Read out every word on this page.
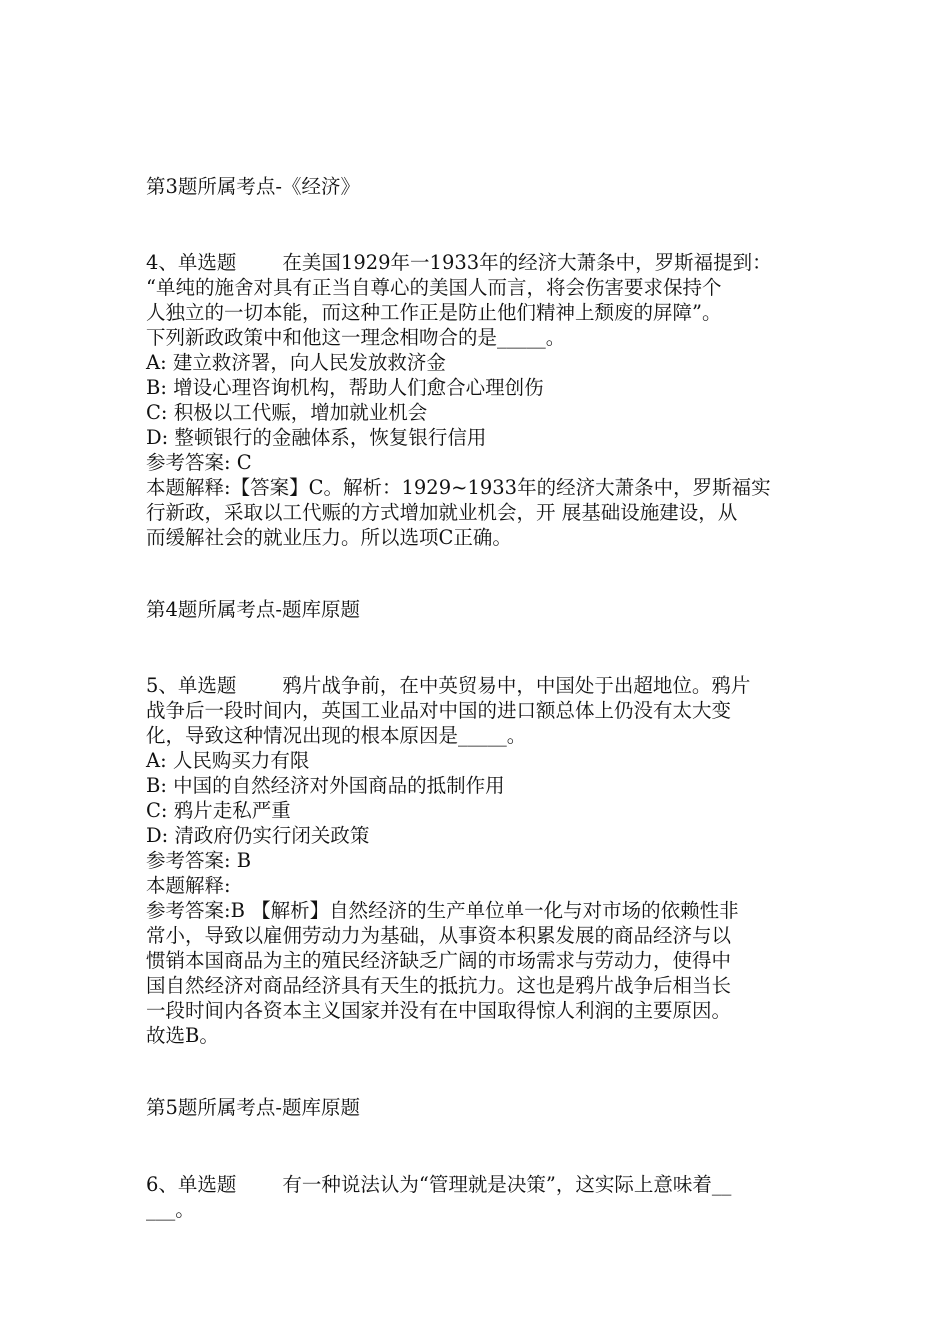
第3题所属考点-《经济》
4、单选题 在美国1929年一1933年的经济大萧条中，罗斯福提到：
“单纯的施舍对具有正当自尊心的美国人而言，将会伤害要求保持个
人独立的一切本能，而这种工作正是防止他们精神上颓废的屏障”。
下列新政政策中和他这一理念相吻合的是_____。
A: 建立救济署，向人民发放救济金
B: 增设心理咨询机构，帮助人们愈合心理创伤
C: 积极以工代赈，增加就业机会
D: 整顿银行的金融体系，恢复银行信用
参考答案: C
本题解释:【答案】C。解析：1929~1933年的经济大萧条中，罗斯福实
行新政，采取以工代赈的方式增加就业机会，开 展基础设施建设，从
而缓解社会的就业压力。所以选项C正确。
第4题所属考点-题库原题
5、单选题 鸦片战争前，在中英贸易中，中国处于出超地位。鸦片
战争后一段时间内，英国工业品对中国的进口额总体上仍没有太大变
化，导致这种情况出现的根本原因是_____。
A: 人民购买力有限
B: 中国的自然经济对外国商品的抵制作用
C: 鸦片走私严重
D: 清政府仍实行闭关政策
参考答案: B
本题解释:
参考答案:B 【解析】自然经济的生产单位单一化与对市场的依赖性非
常小，导致以雇佣劳动力为基础，从事资本积累发展的商品经济与以
惯销本国商品为主的殖民经济缺乏广阔的市场需求与劳动力，使得中
国自然经济对商品经济具有天生的抵抗力。这也是鸦片战争后相当长
一段时间内各资本主义国家并没有在中国取得惊人利润的主要原因。
故选B。
第5题所属考点-题库原题
6、单选题 有一种说法认为“管理就是决策”，这实际上意味着__
___。
